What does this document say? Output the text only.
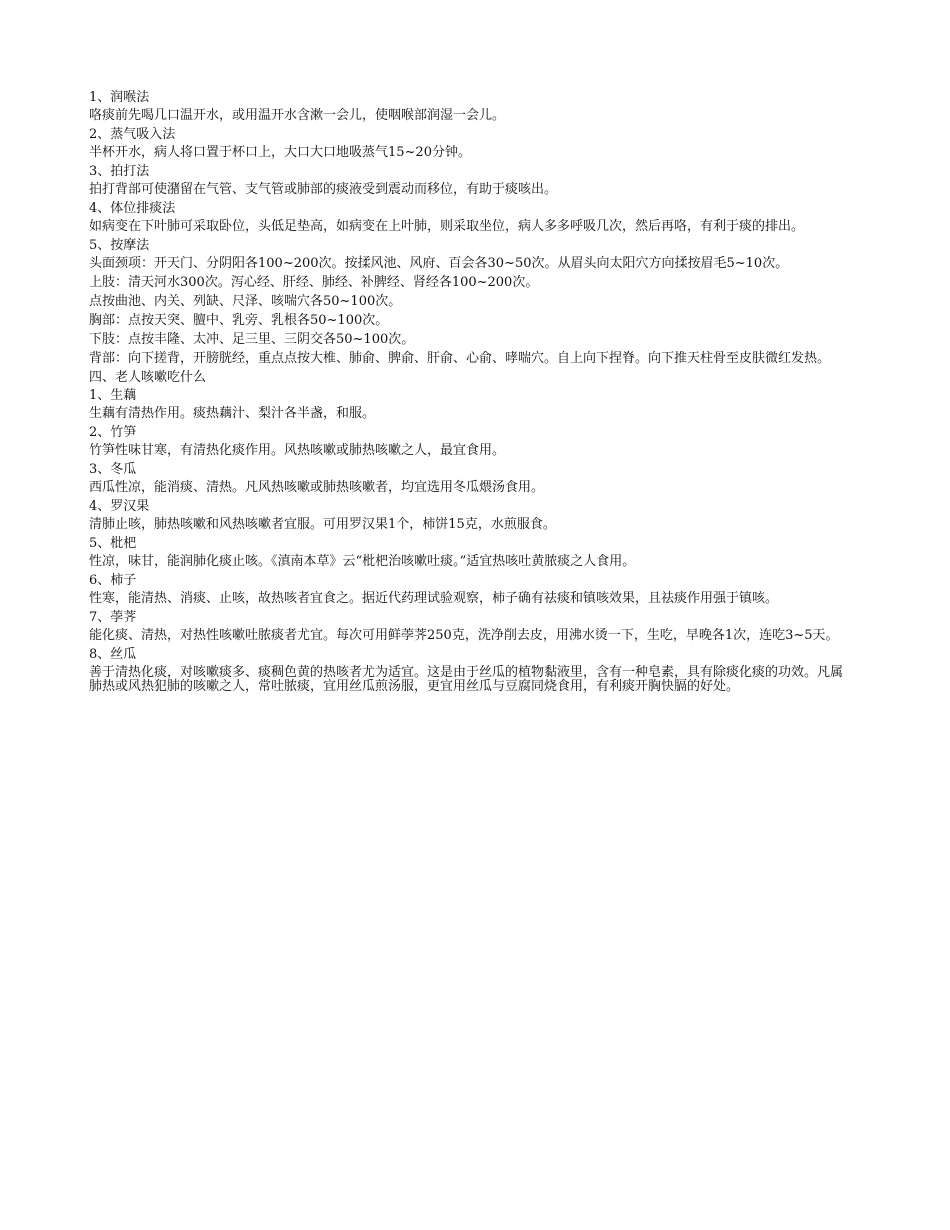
1、润喉法

咯痰前先喝几口温开水，或用温开水含漱一会儿，使咽喉部润湿一会儿。

2、蒸气吸入法

半杯开水，病人将口置于杯口上，大口大口地吸蒸气15~20分钟。

3、拍打法

拍打背部可使潴留在气管、支气管或肺部的痰液受到震动而移位，有助于痰咳出。

4、体位排痰法

如病变在下叶肺可采取卧位，头低足垫高，如病变在上叶肺，则采取坐位，病人多多呼吸几次，然后再咯，有利于痰的排出。

5、按摩法

头面颈项：开天门、分阴阳各100~200次。按揉风池、风府、百会各30~50次。从眉头向太阳穴方向揉按眉毛5~10次。

上肢：清天河水300次。泻心经、肝经、肺经、补脾经、肾经各100~200次。

点按曲池、内关、列缺、尺泽、咳喘穴各50~100次。

胸部：点按天突、膻中、乳旁、乳根各50~100次。

下肢：点按丰隆、太冲、足三里、三阴交各50~100次。

背部：向下搓背，开膀胱经，重点点按大椎、肺俞、脾俞、肝俞、心俞、哮喘穴。自上向下捏脊。向下推天柱骨至皮肤微红发热。

四、老人咳嗽吃什么

1、生藕

生藕有清热作用。痰热藕汁、梨汁各半盏，和服。

2、竹笋

竹笋性味甘寒，有清热化痰作用。风热咳嗽或肺热咳嗽之人，最宜食用。

3、冬瓜

西瓜性凉，能消痰、清热。凡风热咳嗽或肺热咳嗽者，均宜选用冬瓜煨汤食用。

4、罗汉果

清肺止咳，肺热咳嗽和风热咳嗽者宜服。可用罗汉果1个，柿饼15克，水煎服食。

5、枇杷

性凉，味甘，能润肺化痰止咳。《滇南本草》云“枇杷治咳嗽吐痰。”适宜热咳吐黄脓痰之人食用。

6、柿子

性寒，能清热、消痰、止咳，故热咳者宜食之。据近代药理试验观察，柿子确有祛痰和镇咳效果，且祛痰作用强于镇咳。

7、荸荠

能化痰、清热，对热性咳嗽吐脓痰者尤宜。每次可用鲜荸荠250克，洗净削去皮，用沸水烫一下，生吃，早晚各1次，连吃3~5天。

8、丝瓜

善于清热化痰，对咳嗽痰多、痰稠色黄的热咳者尤为适宜。这是由于丝瓜的植物黏液里，含有一种皂素，具有除痰化痰的功效。凡属肺热或风热犯肺的咳嗽之人，常吐脓痰，宜用丝瓜煎汤服，更宜用丝瓜与豆腐同烧食用，有利痰开胸快膈的好处。
